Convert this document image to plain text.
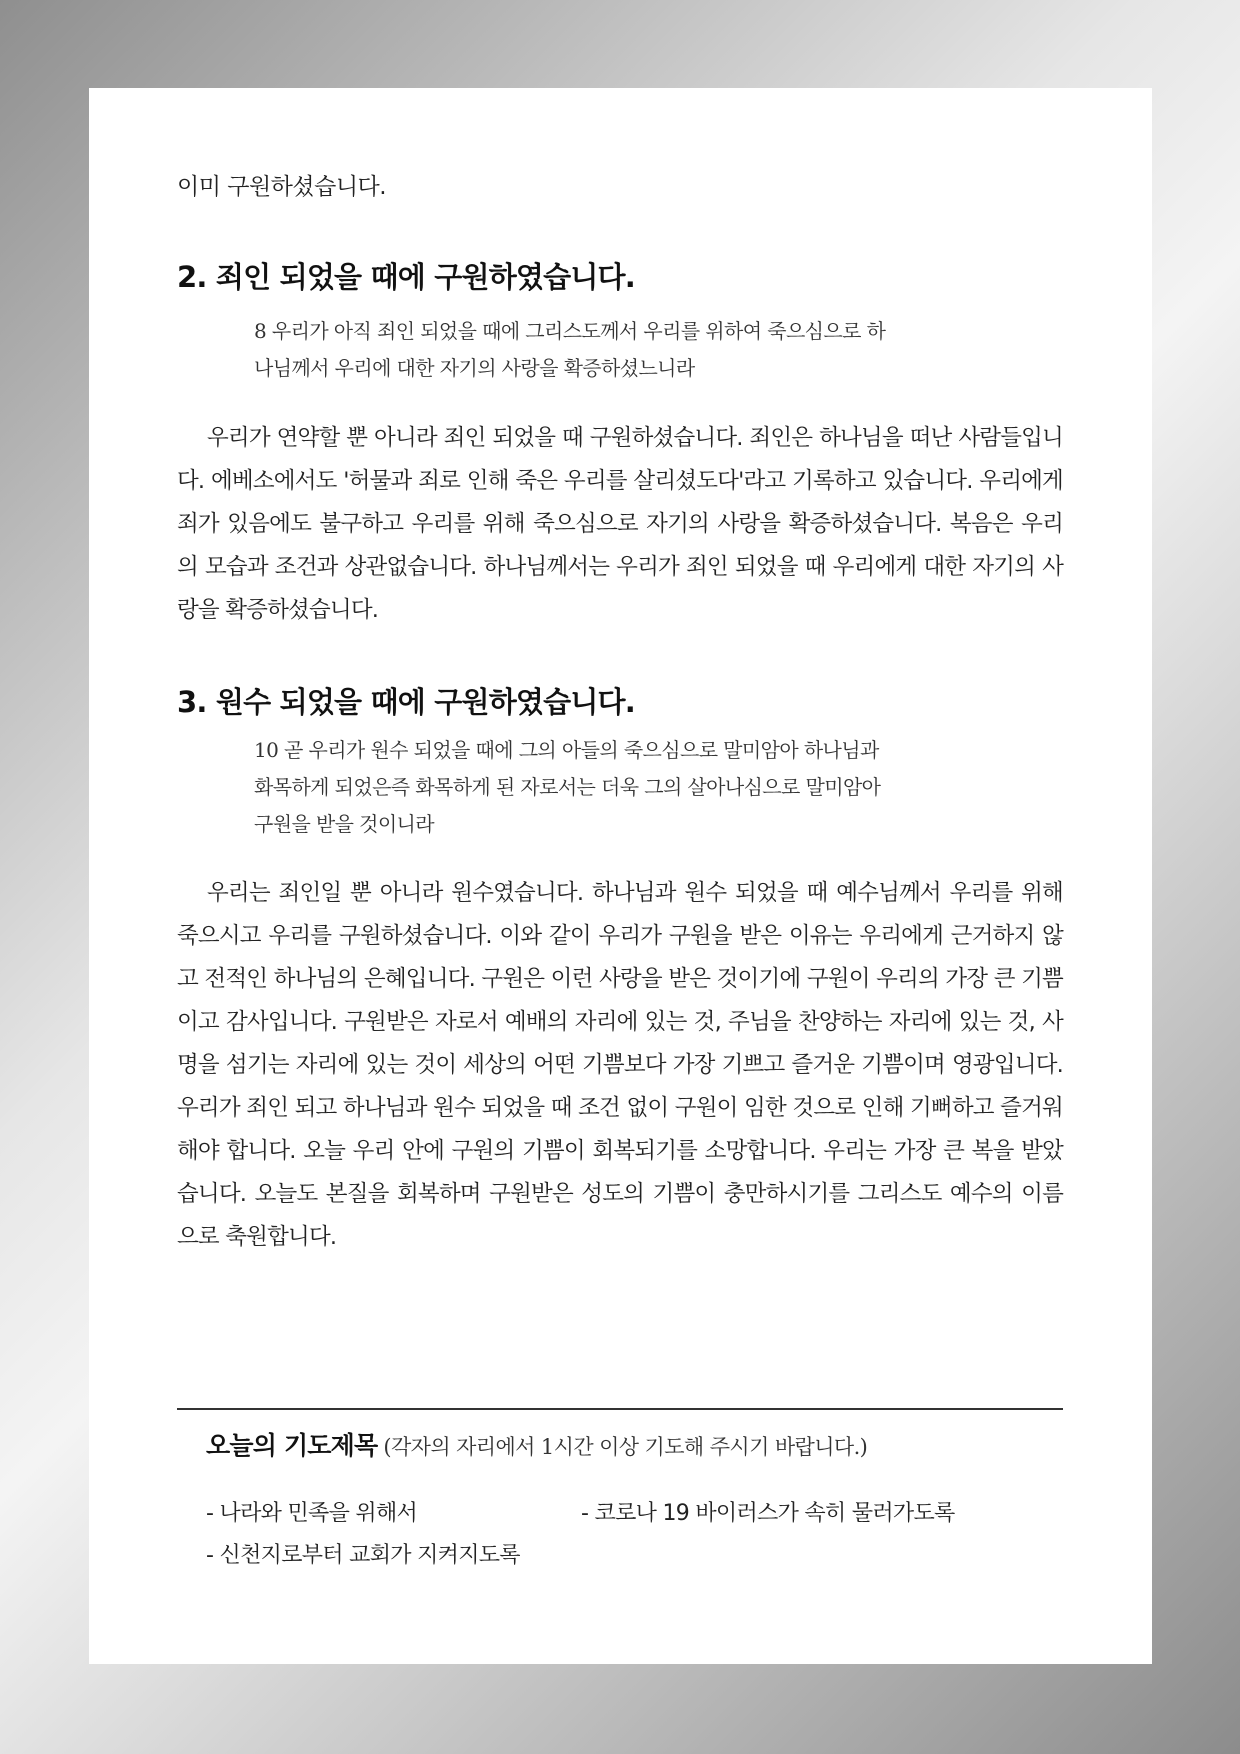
이미 구원하셨습니다.

2. 죄인 되었을 때에 구원하였습니다.
8 우리가 아직 죄인 되었을 때에 그리스도께서 우리를 위하여 죽으심으로 하
나님께서 우리에 대한 자기의 사랑을 확증하셨느니라

우리가 연약할 뿐 아니라 죄인 되었을 때 구원하셨습니다. 죄인은 하나님을 떠난 사람들입니다. 에베소에서도 '허물과 죄로 인해 죽은 우리를 살리셨도다'라고 기록하고 있습니다. 우리에게 죄가 있음에도 불구하고 우리를 위해 죽으심으로 자기의 사랑을 확증하셨습니다. 복음은 우리의 모습과 조건과 상관없습니다. 하나님께서는 우리가 죄인 되었을 때 우리에게 대한 자기의 사랑을 확증하셨습니다.

3. 원수 되었을 때에 구원하였습니다.
10 곧 우리가 원수 되었을 때에 그의 아들의 죽으심으로 말미암아 하나님과
화목하게 되었은즉 화목하게 된 자로서는 더욱 그의 살아나심으로 말미암아
구원을 받을 것이니라

우리는 죄인일 뿐 아니라 원수였습니다. 하나님과 원수 되었을 때 예수님께서 우리를 위해 죽으시고 우리를 구원하셨습니다. 이와 같이 우리가 구원을 받은 이유는 우리에게 근거하지 않고 전적인 하나님의 은혜입니다. 구원은 이런 사랑을 받은 것이기에 구원이 우리의 가장 큰 기쁨이고 감사입니다. 구원받은 자로서 예배의 자리에 있는 것, 주님을 찬양하는 자리에 있는 것, 사명을 섬기는 자리에 있는 것이 세상의 어떤 기쁨보다 가장 기쁘고 즐거운 기쁨이며 영광입니다. 우리가 죄인 되고 하나님과 원수 되었을 때 조건 없이 구원이 임한 것으로 인해 기뻐하고 즐거워해야 합니다. 오늘 우리 안에 구원의 기쁨이 회복되기를 소망합니다. 우리는 가장 큰 복을 받았습니다. 오늘도 본질을 회복하며 구원받은 성도의 기쁨이 충만하시기를 그리스도 예수의 이름으로 축원합니다.

오늘의 기도제목 (각자의 자리에서 1시간 이상 기도해 주시기 바랍니다.)
- 나라와 민족을 위해서	- 코로나 19 바이러스가 속히 물러가도록
- 신천지로부터 교회가 지켜지도록
